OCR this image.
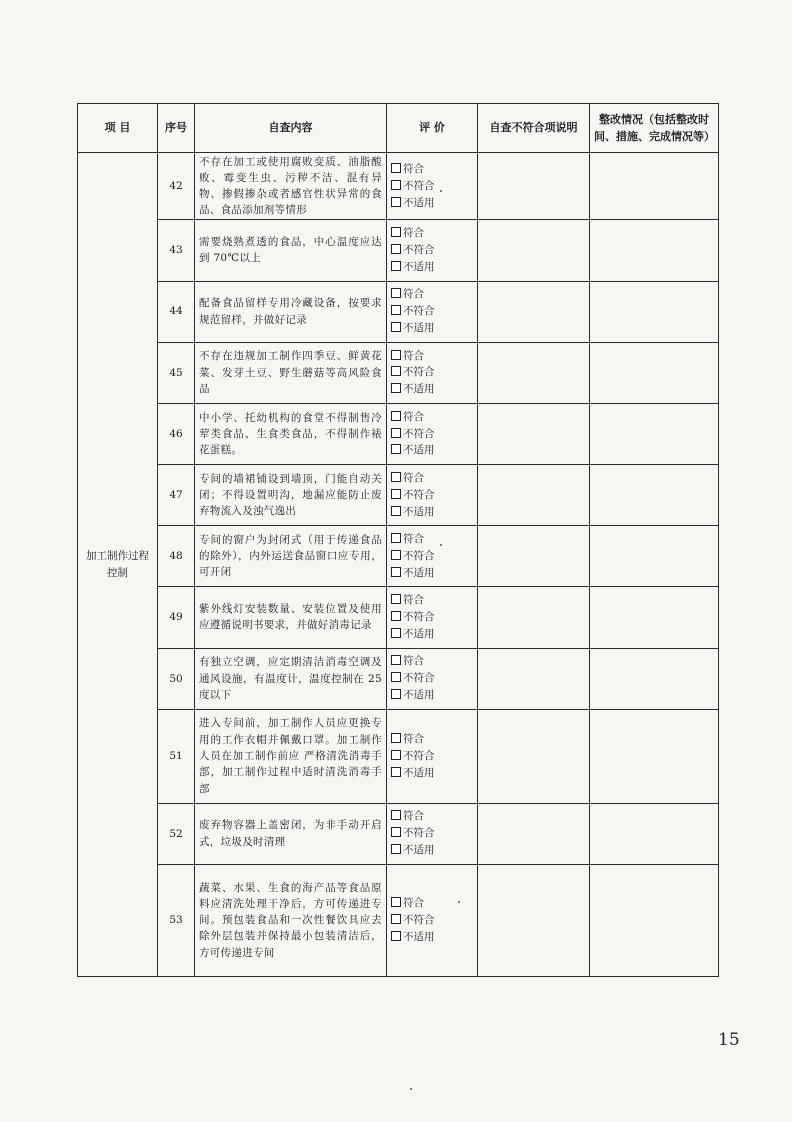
项 目	序号	自查内容	评 价	自查不符合项说明	整改情况（包括整改时间、措施、完成情况等）
加工制作过程控制	42	不存在加工或使用腐败变质、油脂酸败、霉变生虫、污秽不洁、混有异物、掺假掺杂或者感官性状异常的食品、食品添加剂等情形	符合
不符合
不适用		

	43	需要烧熟煮透的食品，中心温度应达到 70℃以上	符合
不符合
不适用		

	44	配备食品留样专用冷藏设备，按要求规范留样，并做好记录	符合
不符合
不适用		

	45	不存在违规加工制作四季豆、鲜黄花菜、发芽土豆、野生蘑菇等高风险食品	符合
不符合
不适用		

	46	中小学、托幼机构的食堂不得制售冷荤类食品、生食类食品，不得制作裱花蛋糕。	符合
不符合
不适用		

	47	专间的墙裙铺设到墙顶，门能自动关闭；不得设置明沟，地漏应能防止废弃物流入及浊气逸出	符合
不符合
不适用		

	48	专间的窗户为封闭式（用于传递食品的除外），内外运送食品窗口应专用，可开闭	符合
不符合
不适用		

	49	紫外线灯安装数量、安装位置及使用应遵循说明书要求，并做好消毒记录	符合
不符合
不适用		

	50	有独立空调，应定期清洁消毒空调及通风设施，有温度计，温度控制在 25 度以下	符合
不符合
不适用		

	51	进入专间前，加工制作人员应更换专用的工作衣帽并佩戴口罩。加工制作人员在加工制作前应 严格清洗消毒手部，加工制作过程中适时清洗消毒手部	符合
不符合
不适用		

	52	废弃物容器上盖密闭，为非手动开启式，垃圾及时清理	符合
不符合
不适用		

	53	蔬菜、水果、生食的海产品等食品原料应清洗处理干净后，方可传递进专间。预包装食品和一次性餐饮具应去除外层包装并保持最小包装清洁后，方可传递进专间	符合
不符合
不适用		

15
